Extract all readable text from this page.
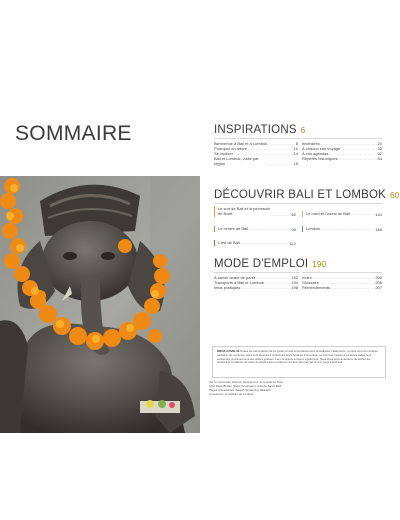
SOMMAIRE
Sur la couverture Ganesh dans la cour du temple de Pura Ulun Danu Bratan (Pura Pemerajan), près de Sanur Bali. Pages précédentes: Sawah Terasering Jatiluwih. Couverture: la capitale de Lombok.
INSPIRATIONS 6
Bienvenue à Bali et à Lombok .....	8
Pourquoi on adore .....	10
Se repérer .....	14
Bali et Lombok, visite par région .....	16
Itinéraires .....	20
À chacun son voyage .....	32
À vos agendas .....	52
Repères historiques .....	54
DÉCOUVRIR BALI ET LOMBOK 60
Le sud de Bali et la péninsule de Bukit .....	62	Le nord et l'ouest de Bali .....	144
Le centre de Bali .....	90	Lombok .....	168
L'est de Bali .....	112
MODE D'EMPLOI 190
À savoir avant de partir .....	192
Transports à Bali et Lombok .....	194
Infos pratiques .....	198
Index .....	200
Glossaire .....	206
Remerciements .....	207
INFOS COVID-19 Toutes les informations de ce guide ont été scrupuleusement actualisées. Néanmoins, compte tenu du contexte sanitaire, de nombreux sites sont amenés à restreindre leurs horaires d'ouverture, ou à fermer l'accès à certaines salles ou à suspendre provisoirement des visites guidées. Les consignes évoluent également. Nous vous recommandons de vérifier les horaires et conditions de visite de chaque lieu et adresse sur leur site Internet ou leur page Facebook.
